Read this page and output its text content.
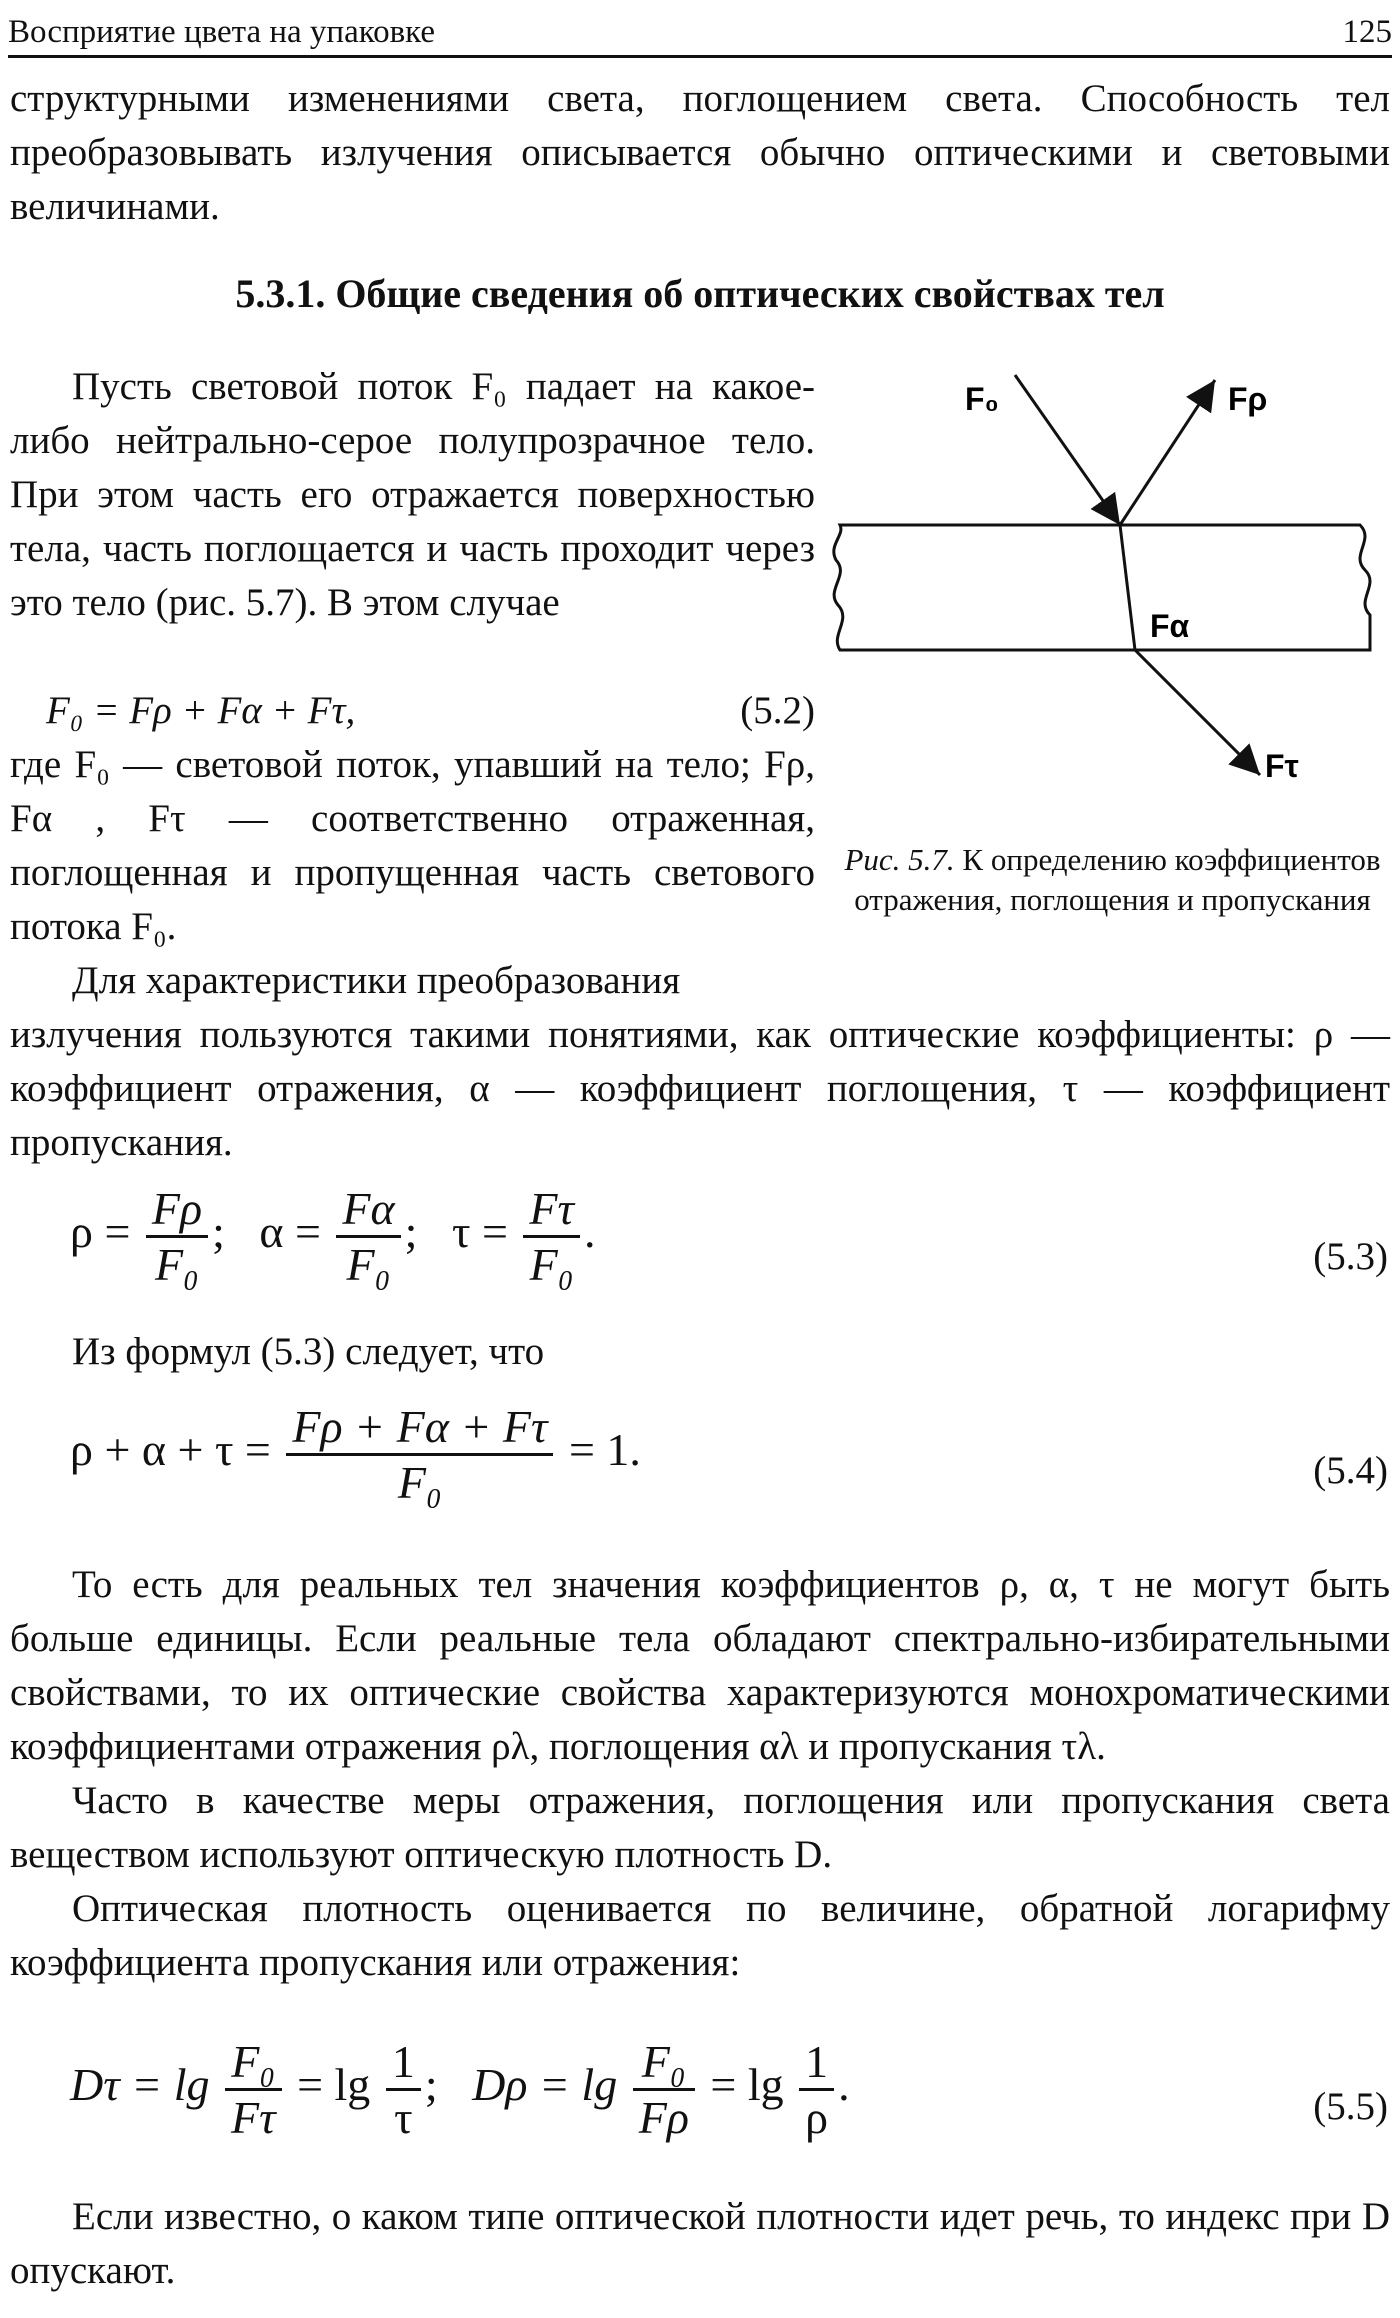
Восприятие цвета на упаковке	125
структурными изменениями света, поглощением света. Способность тел преобразовывать излучения описывается обычно оптическими и световыми величинами.
5.3.1. Общие сведения об оптических свойствах тел
Пусть световой поток F₀ падает на какое-либо нейтрально-серое полупрозрачное тело. При этом часть его отражается поверхностью тела, часть поглощается и часть проходит через это тело (рис. 5.7). В этом случае
F₀ = Fρ + Fα + Fτ,	(5.2)
где F₀ — световой поток, упавший на тело; Fρ, Fα , Fτ — соответственно отраженная, поглощенная и пропущенная часть светового потока F₀.
Для характеристики преобразования
F₀	Fρ
Fα
Fτ
Рис. 5.7. К определению коэффициентов отражения, поглощения и пропускания
излучения пользуются такими понятиями, как оптические коэффициенты: ρ — коэффициент отражения, α — коэффициент поглощения, τ — коэффициент пропускания.
$\rho = \frac{F\rho}{\text{F₀}}$ ; $\alpha = \frac{F\alpha}{\text{F₀}}$ ; $\tau = \frac{F\tau}{\text{F₀}}$ .	(5.3)
Из формул (5.3) следует, что
$\rho + \alpha + \tau = \frac{F\rho + F\alpha + F\tau}{\text{F₀}} = 1$.	(5.4)
То есть для реальных тел значения коэффициентов ρ, α, τ не могут быть больше единицы. Если реальные тела обладают спектрально-избирательными свойствами, то их оптические свойства характеризуются монохроматическими коэффициентами отражения ρλ, поглощения αλ и пропускания τλ.
Часто в качестве меры отражения, поглощения или пропускания света веществом используют оптическую плотность D.
Оптическая плотность оценивается по величине, обратной логарифму коэффициента пропускания или отражения:
$D\tau = \lg \frac{\text{F₀}}{F\tau} = \lg \frac{1}{\tau}$ ; $D\rho = \lg \frac{\text{F₀}}{F\rho} = \lg \frac{1}{\rho}$ .	(5.5)
Если известно, о каком типе оптической плотности идет речь, то индекс при D опускают.
